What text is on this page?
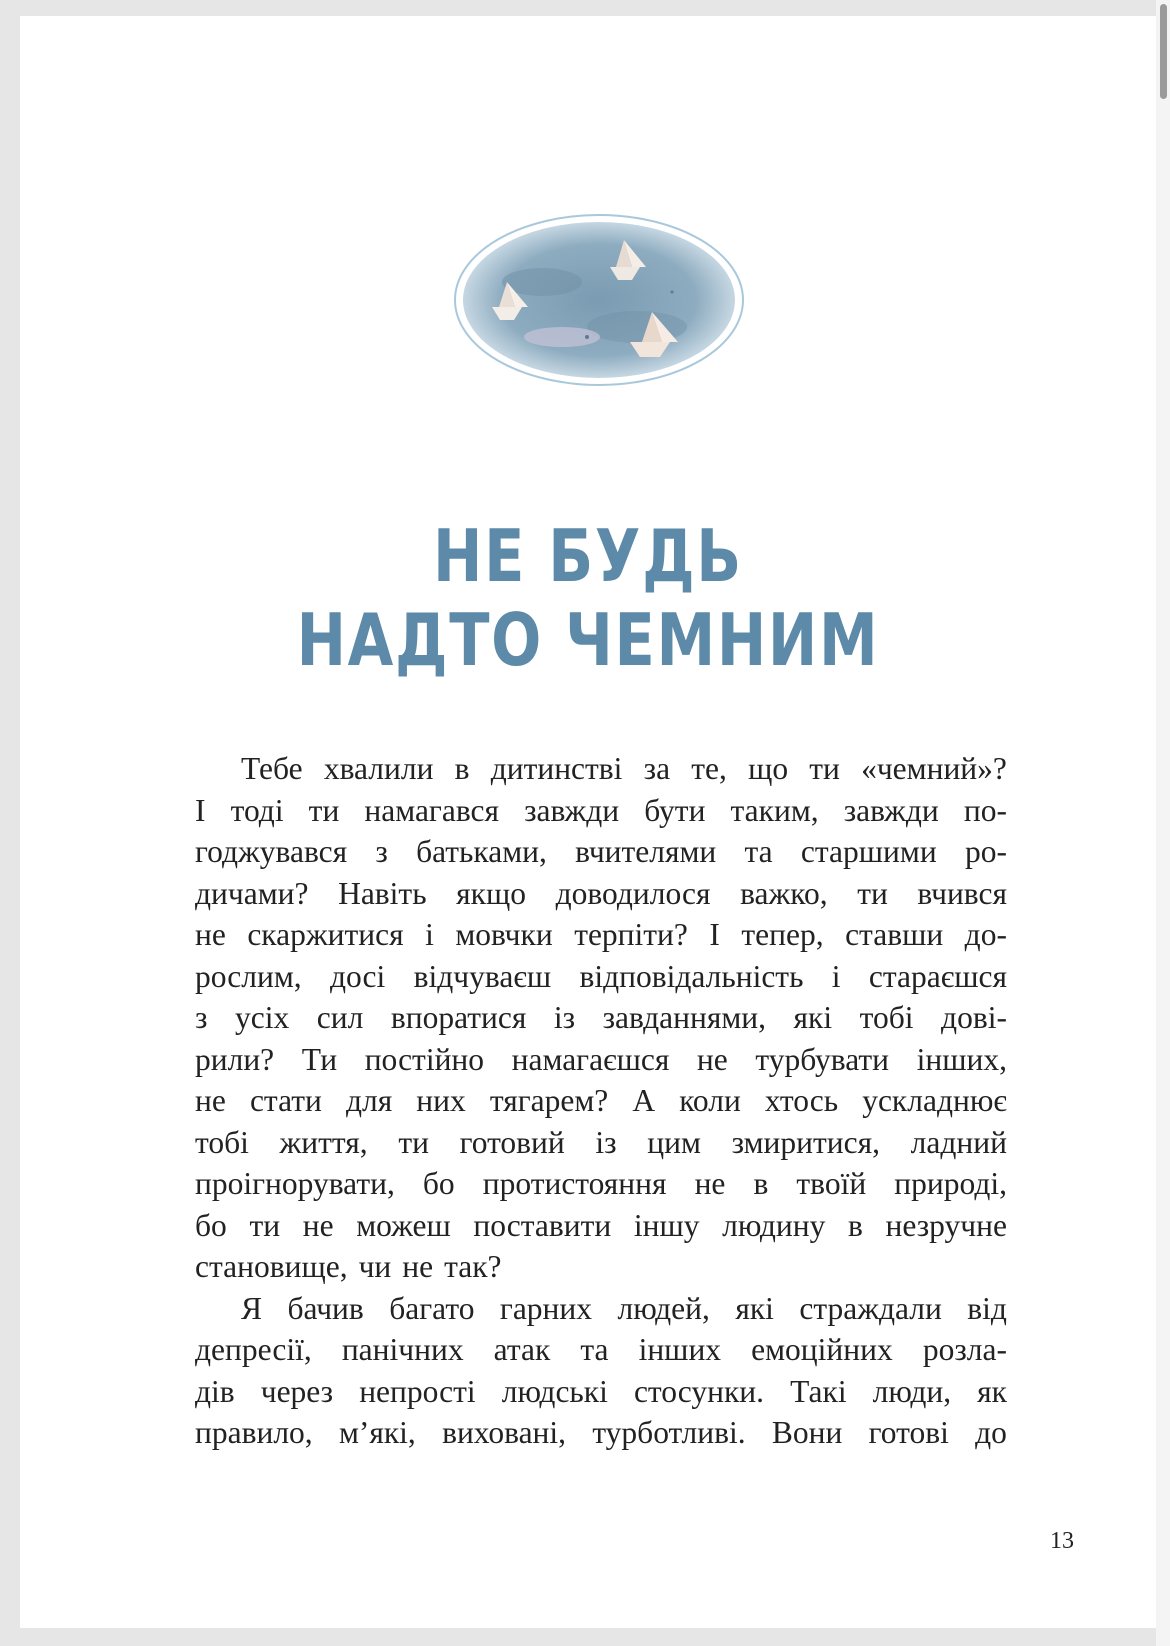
НЕ БУДЬ
НАДТО ЧЕМНИМ
Тебе хвалили в дитинстві за те, що ти «чемний»?
І тоді ти намагався завжди бути таким, завжди по-
годжувався з батьками, вчителями та старшими ро-
дичами? Навіть якщо доводилося важко, ти вчився
не скаржитися і мовчки терпіти? І тепер, ставши до-
рослим, досі відчуваєш відповідальність і стараєшся
з усіх сил впоратися із завданнями, які тобі дові-
рили? Ти постійно намагаєшся не турбувати інших,
не стати для них тягарем? А коли хтось ускладнює
тобі життя, ти готовий із цим змиритися, ладний
проігнорувати, бо протистояння не в твоїй природі,
бо ти не можеш поставити іншу людину в незручне
становище, чи не так?
Я бачив багато гарних людей, які страждали від
депресії, панічних атак та інших емоційних розла-
дів через непрості людські стосунки. Такі люди, як
правило, м’які, виховані, турботливі. Вони готові до
13
